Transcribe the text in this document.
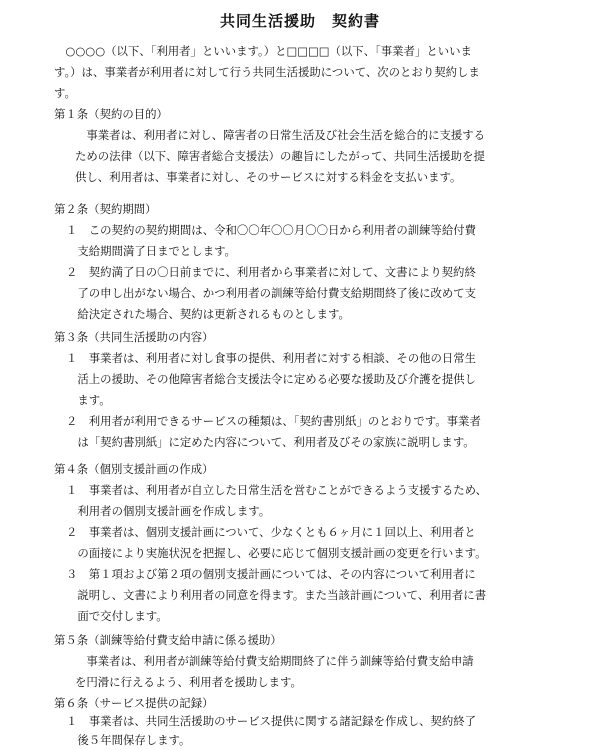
共同生活援助　契約書
　○○○○（以下、「利用者」といいます。）と□□□□（以下、「事業者」といいま
す。）は、事業者が利用者に対して行う共同生活援助について、次のとおり契約しま
す。
第１条（契約の目的）
　事業者は、利用者に対し、障害者の日常生活及び社会生活を総合的に支援する
ための法律（以下、障害者総合支援法）の趣旨にしたがって、共同生活援助を提
供し、利用者は、事業者に対し、そのサービスに対する料金を支払います。
第２条（契約期間）
１　この契約の契約期間は、令和〇〇年〇〇月〇〇日から利用者の訓練等給付費
　支給期間満了日までとします。
２　契約満了日の〇日前までに、利用者から事業者に対して、文書により契約終
　了の申し出がない場合、かつ利用者の訓練等給付費支給期間終了後に改めて支
　給決定された場合、契約は更新されるものとします。
第３条（共同生活援助の内容）
１　事業者は、利用者に対し食事の提供、利用者に対する相談、その他の日常生
　活上の援助、その他障害者総合支援法令に定める必要な援助及び介護を提供し
　ます。
２　利用者が利用できるサービスの種類は、「契約書別紙」のとおりです。事業者
　は「契約書別紙」に定めた内容について、利用者及びその家族に説明します。
第４条（個別支援計画の作成）
１　事業者は、利用者が自立した日常生活を営むことができるよう支援するため、
　利用者の個別支援計画を作成します。
２　事業者は、個別支援計画について、少なくとも６ヶ月に１回以上、利用者と
　の面接により実施状況を把握し、必要に応じて個別支援計画の変更を行います。
３　第１項および第２項の個別支援計画については、その内容について利用者に
　説明し、文書により利用者の同意を得ます。また当該計画について、利用者に書
　面で交付します。
第５条（訓練等給付費支給申請に係る援助）
　事業者は、利用者が訓練等給付費支給期間終了に伴う訓練等給付費支給申請
を円滑に行えるよう、利用者を援助します。
第６条（サービス提供の記録）
１　事業者は、共同生活援助のサービス提供に関する諸記録を作成し、契約終了
　後５年間保存します。
